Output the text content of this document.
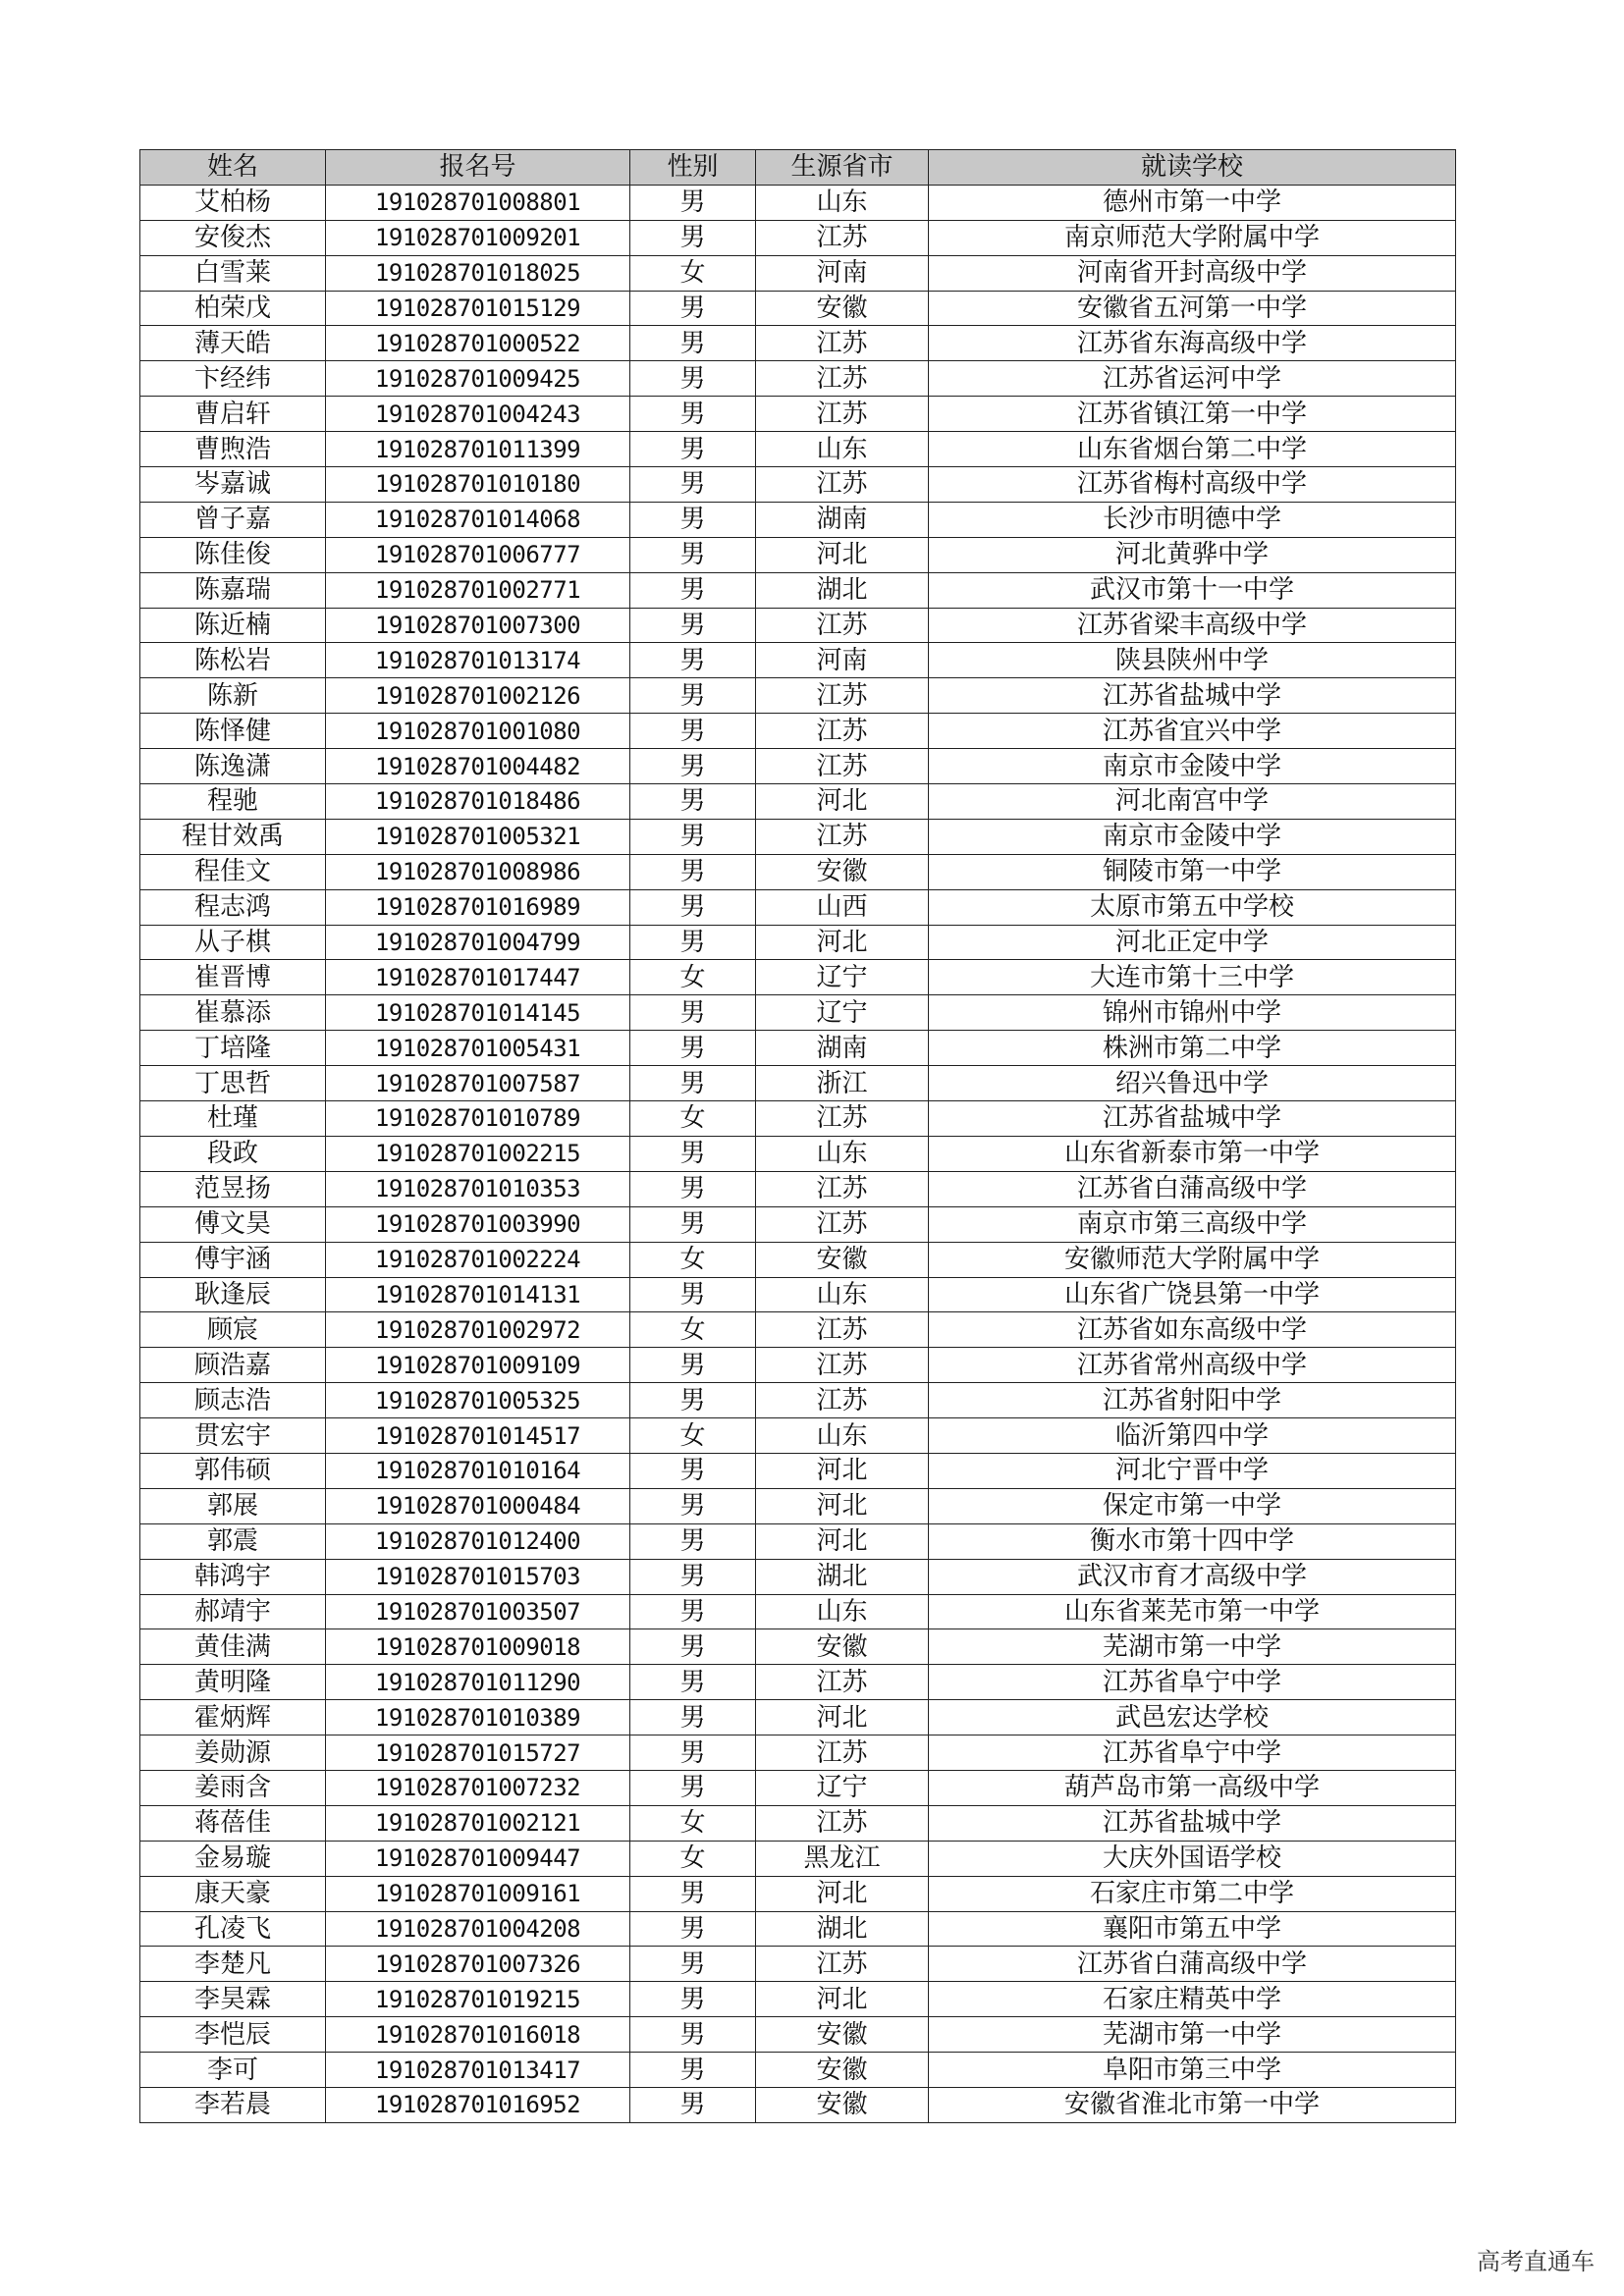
姓名	报名号	性别	生源省市	就读学校
艾柏杨	191028701008801	男	山东	德州市第一中学
安俊杰	191028701009201	男	江苏	南京师范大学附属中学
白雪莱	191028701018025	女	河南	河南省开封高级中学
柏荣戊	191028701015129	男	安徽	安徽省五河第一中学
薄天皓	191028701000522	男	江苏	江苏省东海高级中学
卞经纬	191028701009425	男	江苏	江苏省运河中学
曹启轩	191028701004243	男	江苏	江苏省镇江第一中学
曹煦浩	191028701011399	男	山东	山东省烟台第二中学
岑嘉诚	191028701010180	男	江苏	江苏省梅村高级中学
曾子嘉	191028701014068	男	湖南	长沙市明德中学
陈佳俊	191028701006777	男	河北	河北黄骅中学
陈嘉瑞	191028701002771	男	湖北	武汉市第十一中学
陈近楠	191028701007300	男	江苏	江苏省梁丰高级中学
陈松岩	191028701013174	男	河南	陕县陕州中学
陈新	191028701002126	男	江苏	江苏省盐城中学
陈怿健	191028701001080	男	江苏	江苏省宜兴中学
陈逸潇	191028701004482	男	江苏	南京市金陵中学
程驰	191028701018486	男	河北	河北南宫中学
程甘效禹	191028701005321	男	江苏	南京市金陵中学
程佳文	191028701008986	男	安徽	铜陵市第一中学
程志鸿	191028701016989	男	山西	太原市第五中学校
从子棋	191028701004799	男	河北	河北正定中学
崔晋博	191028701017447	女	辽宁	大连市第十三中学
崔慕添	191028701014145	男	辽宁	锦州市锦州中学
丁培隆	191028701005431	男	湖南	株洲市第二中学
丁思哲	191028701007587	男	浙江	绍兴鲁迅中学
杜瑾	191028701010789	女	江苏	江苏省盐城中学
段政	191028701002215	男	山东	山东省新泰市第一中学
范昱扬	191028701010353	男	江苏	江苏省白蒲高级中学
傅文昊	191028701003990	男	江苏	南京市第三高级中学
傅宇涵	191028701002224	女	安徽	安徽师范大学附属中学
耿逢辰	191028701014131	男	山东	山东省广饶县第一中学
顾宸	191028701002972	女	江苏	江苏省如东高级中学
顾浩嘉	191028701009109	男	江苏	江苏省常州高级中学
顾志浩	191028701005325	男	江苏	江苏省射阳中学
贯宏宇	191028701014517	女	山东	临沂第四中学
郭伟硕	191028701010164	男	河北	河北宁晋中学
郭展	191028701000484	男	河北	保定市第一中学
郭震	191028701012400	男	河北	衡水市第十四中学
韩鸿宇	191028701015703	男	湖北	武汉市育才高级中学
郝靖宇	191028701003507	男	山东	山东省莱芜市第一中学
黄佳满	191028701009018	男	安徽	芜湖市第一中学
黄明隆	191028701011290	男	江苏	江苏省阜宁中学
霍炳辉	191028701010389	男	河北	武邑宏达学校
姜勋源	191028701015727	男	江苏	江苏省阜宁中学
姜雨含	191028701007232	男	辽宁	葫芦岛市第一高级中学
蒋蓓佳	191028701002121	女	江苏	江苏省盐城中学
金易璇	191028701009447	女	黑龙江	大庆外国语学校
康天豪	191028701009161	男	河北	石家庄市第二中学
孔凌飞	191028701004208	男	湖北	襄阳市第五中学
李楚凡	191028701007326	男	江苏	江苏省白蒲高级中学
李昊霖	191028701019215	男	河北	石家庄精英中学
李恺辰	191028701016018	男	安徽	芜湖市第一中学
李可	191028701013417	男	安徽	阜阳市第三中学
李若晨	191028701016952	男	安徽	安徽省淮北市第一中学
高考直通车
